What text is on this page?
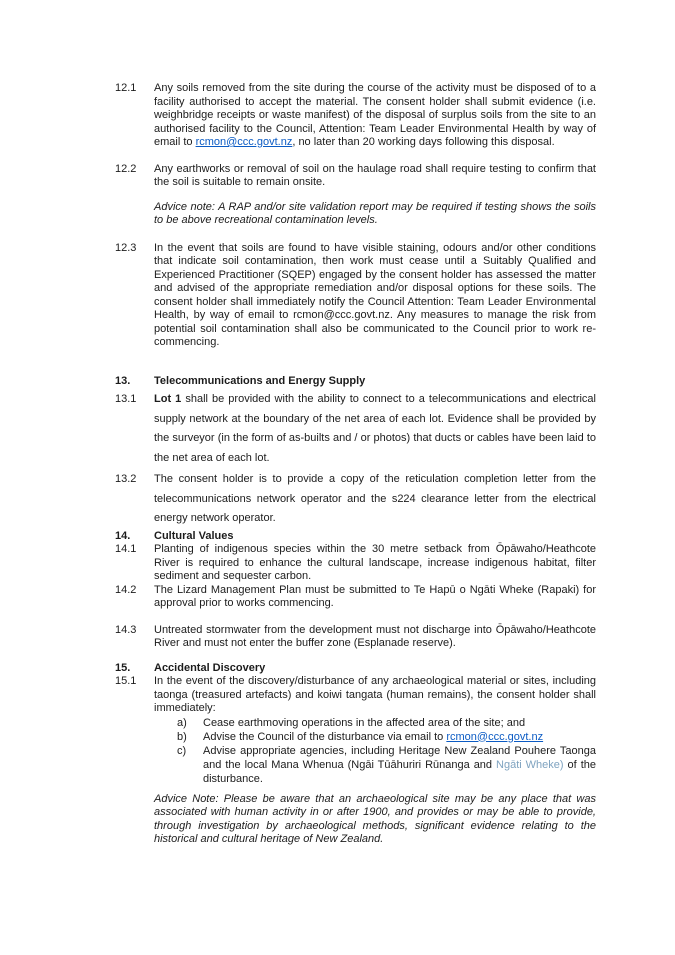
12.1	Any soils removed from the site during the course of the activity must be disposed of to a facility authorised to accept the material. The consent holder shall submit evidence (i.e. weighbridge receipts or waste manifest) of the disposal of surplus soils from the site to an authorised facility to the Council, Attention: Team Leader Environmental Health by way of email to rcmon@ccc.govt.nz, no later than 20 working days following this disposal.
12.2	Any earthworks or removal of soil on the haulage road shall require testing to confirm that the soil is suitable to remain onsite.
Advice note: A RAP and/or site validation report may be required if testing shows the soils to be above recreational contamination levels.
12.3	In the event that soils are found to have visible staining, odours and/or other conditions that indicate soil contamination, then work must cease until a Suitably Qualified and Experienced Practitioner (SQEP) engaged by the consent holder has assessed the matter and advised of the appropriate remediation and/or disposal options for these soils. The consent holder shall immediately notify the Council Attention: Team Leader Environmental Health, by way of email to rcmon@ccc.govt.nz. Any measures to manage the risk from potential soil contamination shall also be communicated to the Council prior to work re-commencing.
13.	Telecommunications and Energy Supply
13.1	Lot 1 shall be provided with the ability to connect to a telecommunications and electrical supply network at the boundary of the net area of each lot. Evidence shall be provided by the surveyor (in the form of as-builts and / or photos) that ducts or cables have been laid to the net area of each lot.
13.2	The consent holder is to provide a copy of the reticulation completion letter from the telecommunications network operator and the s224 clearance letter from the electrical energy network operator.
14.	Cultural Values
14.1	Planting of indigenous species within the 30 metre setback from Ōpāwaho/Heathcote River is required to enhance the cultural landscape, increase indigenous habitat, filter sediment and sequester carbon.
14.2	The Lizard Management Plan must be submitted to Te Hapū o Ngāti Wheke (Rapaki) for approval prior to works commencing.
14.3	Untreated stormwater from the development must not discharge into Ōpāwaho/Heathcote River and must not enter the buffer zone (Esplanade reserve).
15.	Accidental Discovery
15.1	In the event of the discovery/disturbance of any archaeological material or sites, including taonga (treasured artefacts) and koiwi tangata (human remains), the consent holder shall immediately:
a)	Cease earthmoving operations in the affected area of the site; and
b)	Advise the Council of the disturbance via email to rcmon@ccc.govt.nz
c)	Advise appropriate agencies, including Heritage New Zealand Pouhere Taonga and the local Mana Whenua (Ngāi Tūāhuriri Rūnanga and Ngāti Wheke) of the disturbance.
Advice Note: Please be aware that an archaeological site may be any place that was associated with human activity in or after 1900, and provides or may be able to provide, through investigation by archaeological methods, significant evidence relating to the historical and cultural heritage of New Zealand.
